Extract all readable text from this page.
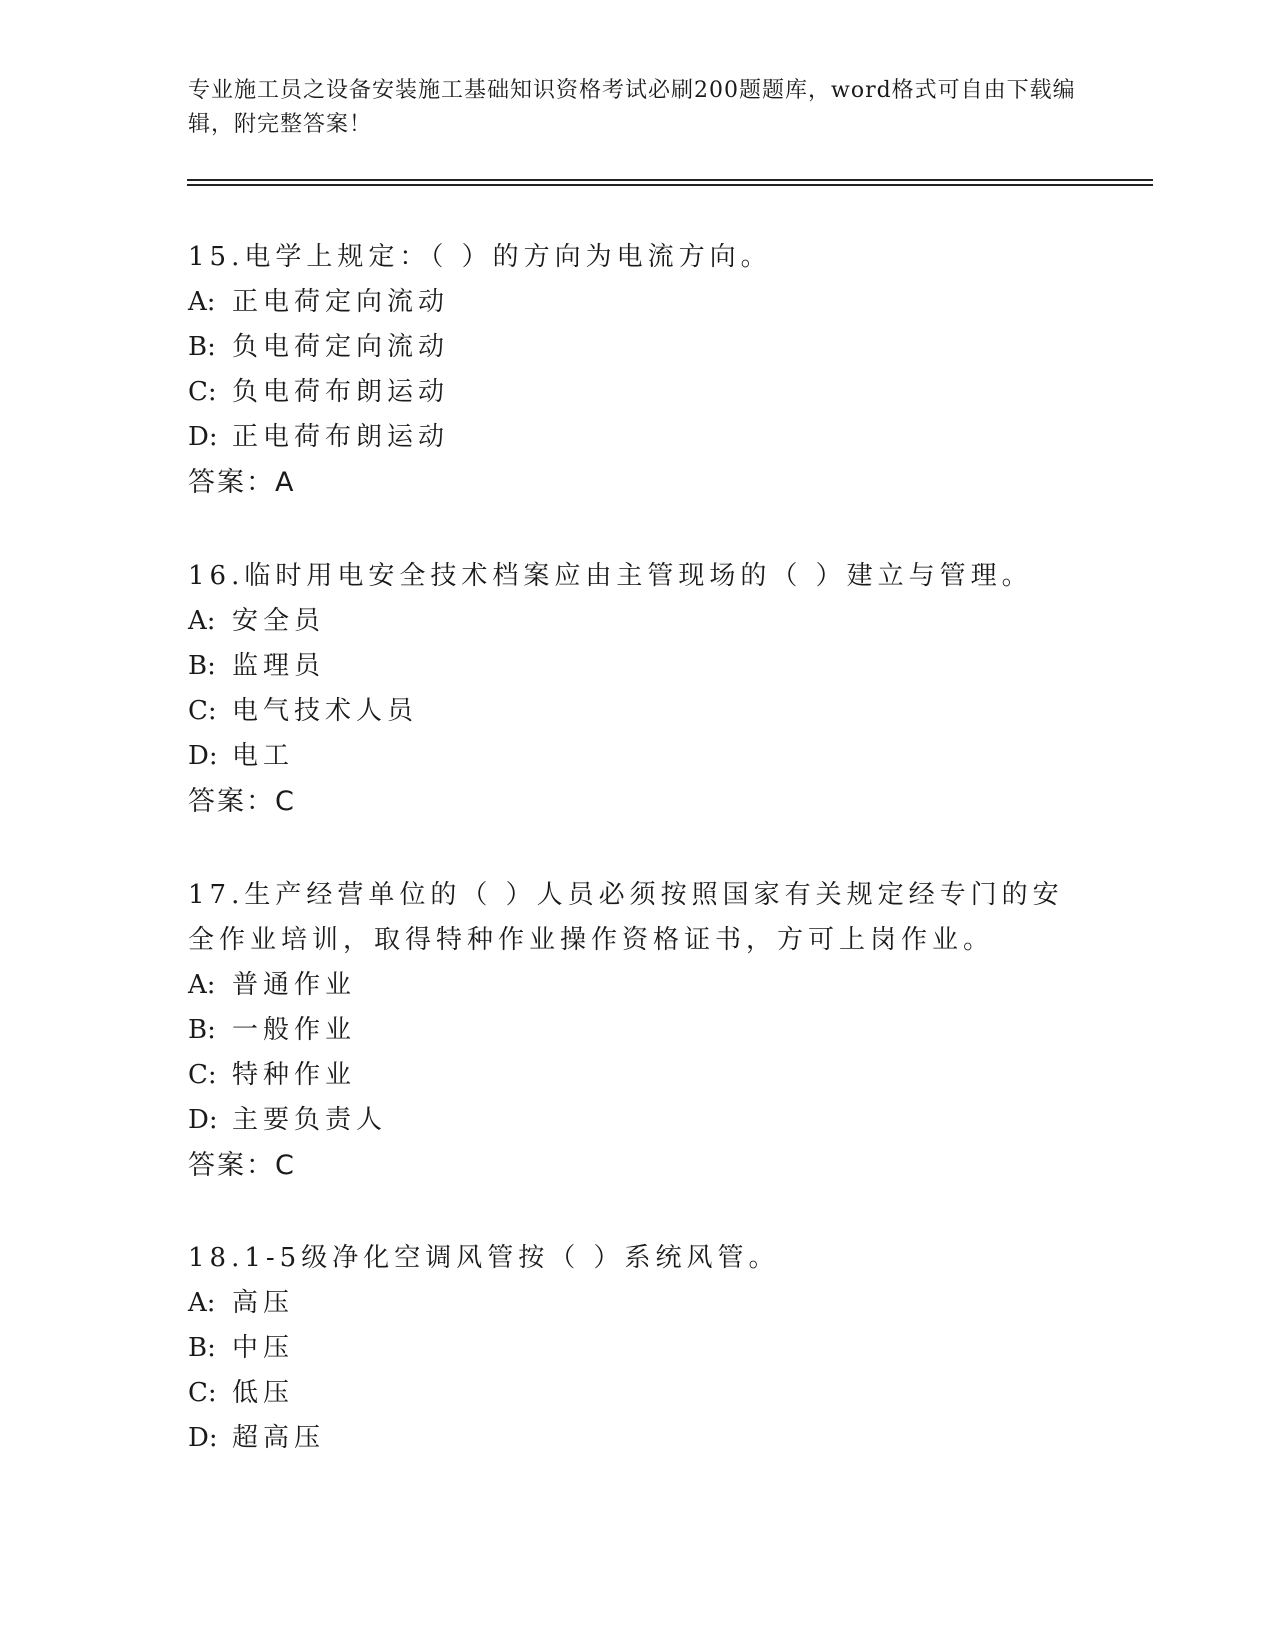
专业施工员之设备安装施工基础知识资格考试必刷200题题库，word格式可自由下载编辑，附完整答案！
15.电学上规定：（ ）的方向为电流方向。
A: 正电荷定向流动
B: 负电荷定向流动
C: 负电荷布朗运动
D: 正电荷布朗运动
答案：A
16.临时用电安全技术档案应由主管现场的（ ）建立与管理。
A: 安全员
B: 监理员
C: 电气技术人员
D: 电工
答案：C
17.生产经营单位的（ ）人员必须按照国家有关规定经专门的安全作业培训，取得特种作业操作资格证书，方可上岗作业。
A: 普通作业
B: 一般作业
C: 特种作业
D: 主要负责人
答案：C
18.1-5级净化空调风管按（ ）系统风管。
A: 高压
B: 中压
C: 低压
D: 超高压
